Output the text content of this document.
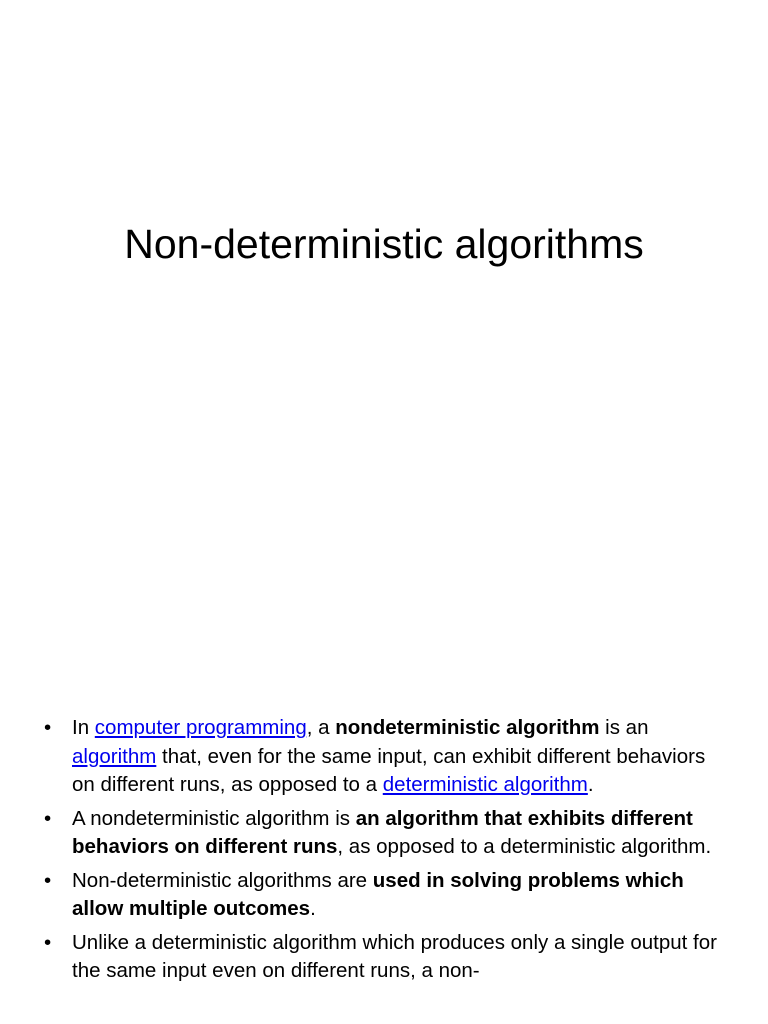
Non-deterministic algorithms
• In computer programming, a nondeterministic algorithm is an algorithm that, even for the same input, can exhibit different behaviors on different runs, as opposed to a deterministic algorithm.
• A nondeterministic algorithm is an algorithm that exhibits different behaviors on different runs, as opposed to a deterministic algorithm.
• Non-deterministic algorithms are used in solving problems which allow multiple outcomes.
• Unlike a deterministic algorithm which produces only a single output for the same input even on different runs, a non-
